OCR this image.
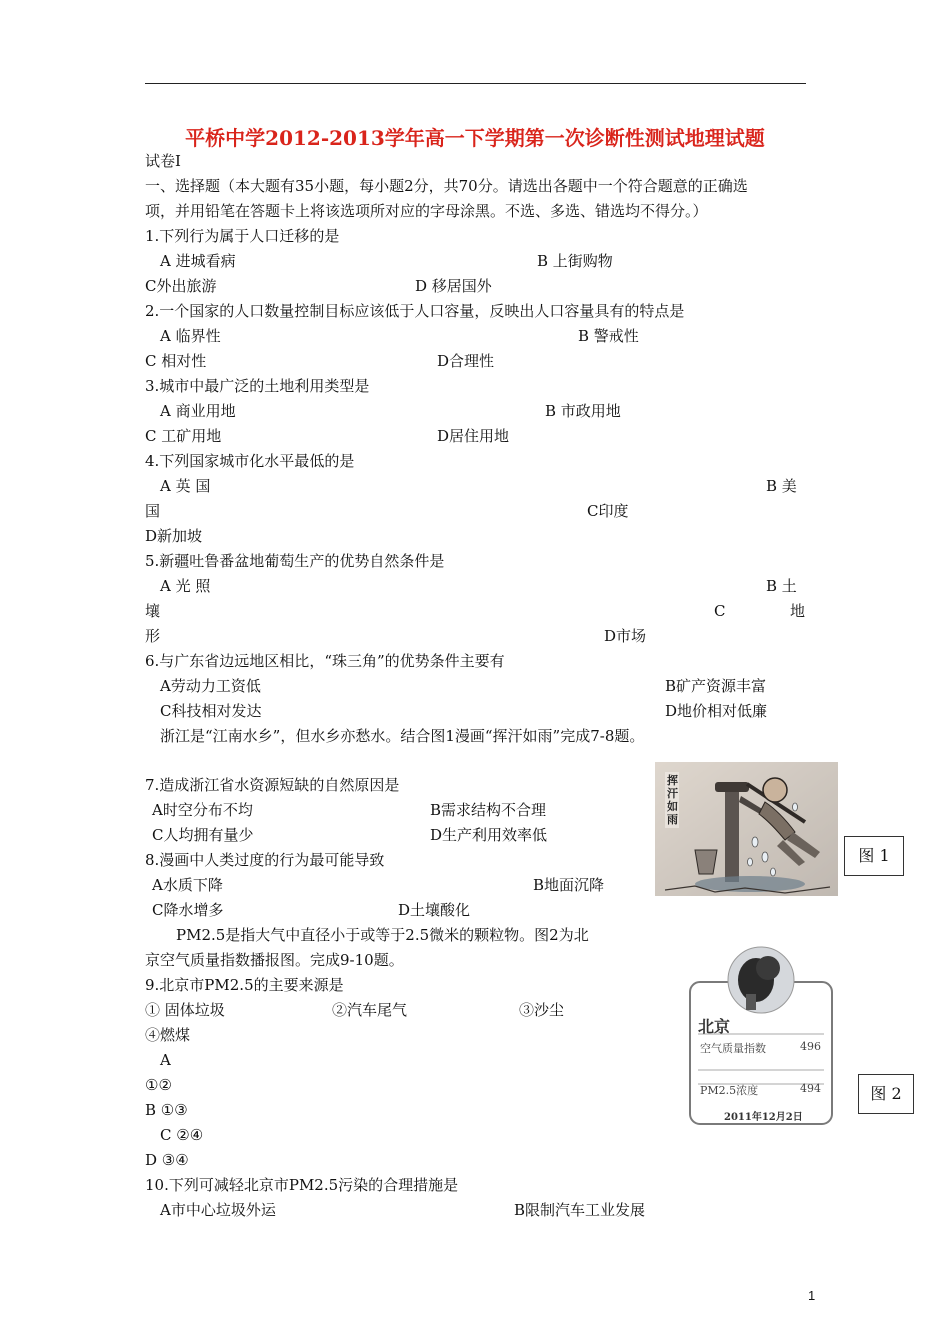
平桥中学2012-2013学年高一下学期第一次诊断性测试地理试题
试卷I
一、选择题（本大题有35小题，每小题2分，共70分。请选出各题中一个符合题意的正确选
项，并用铅笔在答题卡上将该选项所对应的字母涂黑。不选、多选、错选均不得分。）
1.下列行为属于人口迁移的是
A 进城看病	B 上街购物
C外出旅游	D 移居国外
2.一个国家的人口数量控制目标应该低于人口容量，反映出人口容量具有的特点是
A 临界性	B 警戒性
C 相对性	D合理性
3.城市中最广泛的土地利用类型是
A 商业用地	B 市政用地
C 工矿用地	D居住用地
4.下列国家城市化水平最低的是
A 英 国	B 美
国	C印度
D新加坡
5.新疆吐鲁番盆地葡萄生产的优势自然条件是
A 光 照	B 土
壤	C	地
形	D市场
6.与广东省边远地区相比，“珠三角”的优势条件主要有
A劳动力工资低	B矿产资源丰富
C科技相对发达	D地价相对低廉
浙江是“江南水乡”，但水乡亦愁水。结合图1漫画“挥汗如雨”完成7-8题。
7.造成浙江省水资源短缺的自然原因是
A时空分布不均	B需求结构不合理
C人均拥有量少	D生产利用效率低
8.漫画中人类过度的行为最可能导致
A水质下降	B地面沉降
C降水增多	D土壤酸化
PM2.5是指大气中直径小于或等于2.5微米的颗粒物。图2为北
京空气质量指数播报图。完成9-10题。
9.北京市PM2.5的主要来源是
① 固体垃圾	②汽车尾气	③沙尘
④燃煤
A
①②
B ①③
C ②④
D ③④
10.下列可减轻北京市PM2.5污染的合理措施是
A市中心垃圾外运	B限制汽车工业发展
挥汗如雨
图 1
北京
空气质量指数	496
PM2.5浓度	494
2011年12月2日
图 2
1
